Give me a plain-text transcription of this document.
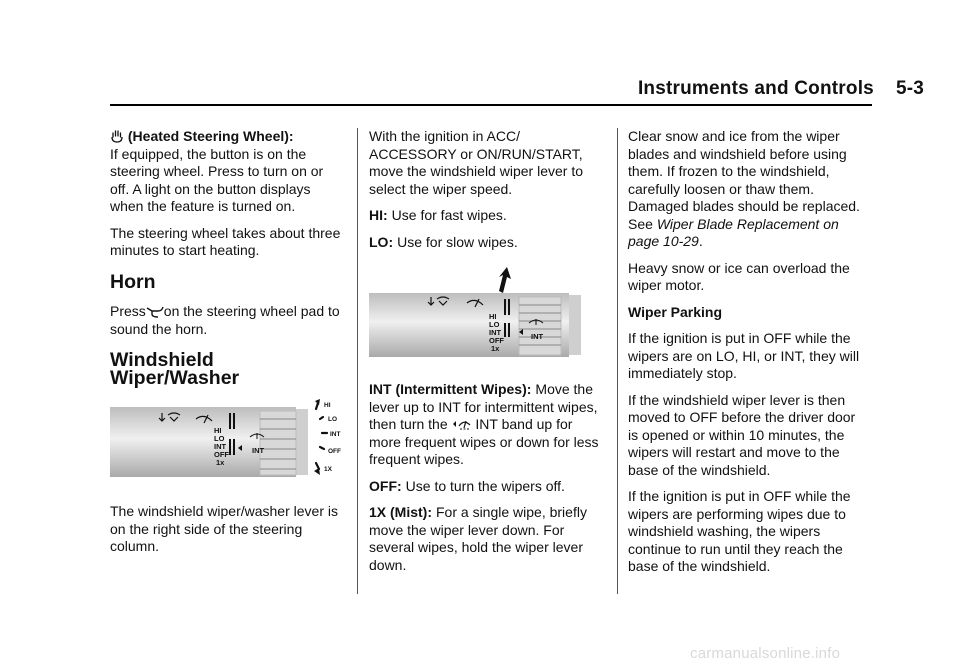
Instruments and Controls 5-3

(Heated Steering Wheel):
If equipped, the button is on the steering wheel. Press to turn on or off. A light on the button displays when the feature is turned on.

The steering wheel takes about three minutes to start heating.

Horn

Press on the steering wheel pad to sound the horn.

Windshield Wiper/Washer
HI
LO
INT
OFF
1x
INT
HI
LO
INT
OFF
1X

The windshield wiper/washer lever is on the right side of the steering column.

With the ignition in ACC/ ACCESSORY or ON/RUN/START, move the windshield wiper lever to select the wiper speed.

HI: Use for fast wipes.

LO: Use for slow wipes.

HI
LO
INT
OFF
1x
INT

INT (Intermittent Wipes): Move the lever up to INT for intermittent wipes, then turn the INT band up for more frequent wipes or down for less frequent wipes.

OFF: Use to turn the wipers off.

1X (Mist): For a single wipe, briefly move the wiper lever down. For several wipes, hold the wiper lever down.

Clear snow and ice from the wiper blades and windshield before using them. If frozen to the windshield, carefully loosen or thaw them. Damaged blades should be replaced. See Wiper Blade Replacement on page 10-29.

Heavy snow or ice can overload the wiper motor.

Wiper Parking

If the ignition is put in OFF while the wipers are on LO, HI, or INT, they will immediately stop.

If the windshield wiper lever is then moved to OFF before the driver door is opened or within 10 minutes, the wipers will restart and move to the base of the windshield.

If the ignition is put in OFF while the wipers are performing wipes due to windshield washing, the wipers continue to run until they reach the base of the windshield.

carmanualsonline.info
